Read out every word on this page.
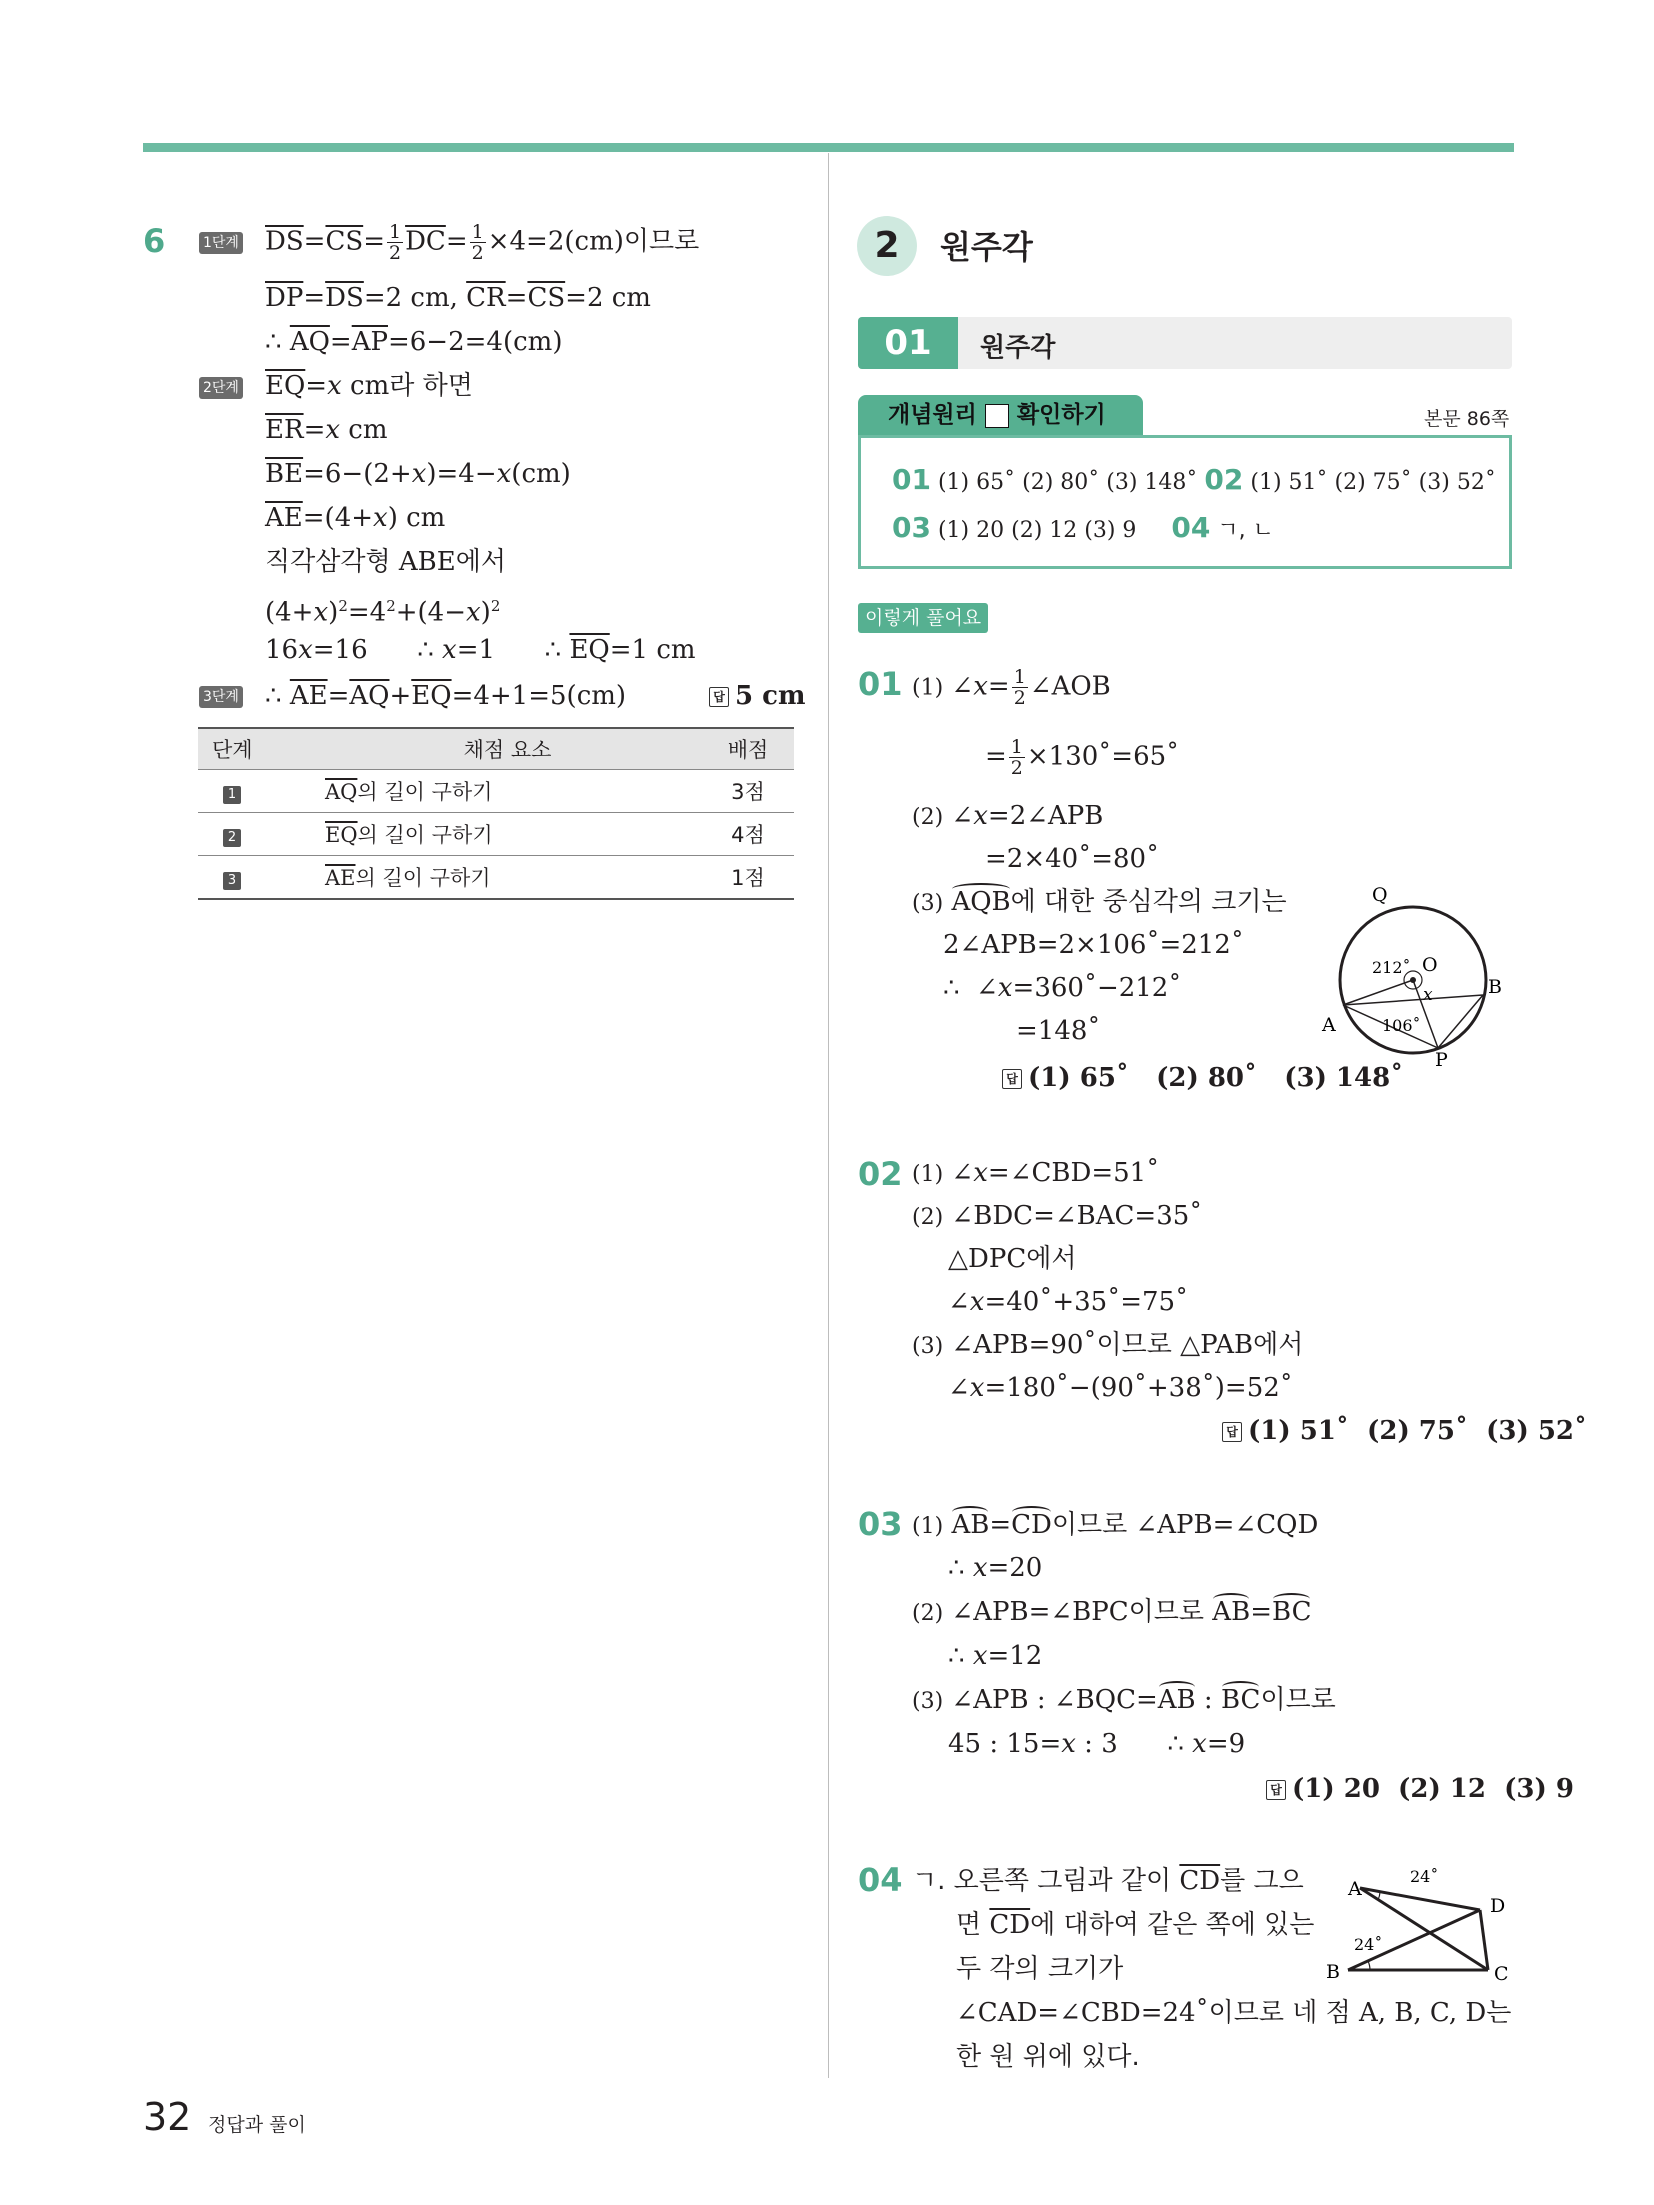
6	1단계 $\overline{DS}=\overline{CS}= \frac{1}{2} \overline{DC}= \frac{1}{2} \times 4=2(cm)$이므로
$\overline{DP}=\overline{DS}=2$ cm, $\overline{CR}=\overline{CS}=2$ cm
∴ $\overline{AQ}=\overline{AP}=6-2=4(cm)$
2단계 $\overline{EQ}=x$ cm라 하면
$\overline{ER}=x$ cm
$\overline{BE}=6-(2+x)=4-x(cm)$
$\overline{AE}=(4+x)$ cm
직각삼각형 ABE에서
$(4+x)^2=4^2+(4-x)^2$
16x=16      ∴ x=1      ∴ $\overline{EQ}=1$ cm
3단계 ∴ $\overline{AE}=\overline{AQ}+\overline{EQ}=4+1=5(cm)$	답 5 cm
단계	채점 요소	배점
1	$\overline{AQ}$의 길이 구하기	3점
2	$\overline{EQ}$의 길이 구하기	4점
3	$\overline{AE}$의 길이 구하기	1점
2	원주각
01	원주각
개념원리 확인하기	본문 86쪽
01 (1) 65˚ (2) 80˚ (3) 148˚ 02 (1) 51˚ (2) 75˚ (3) 52˚
03 (1) 20 (2) 12 (3) 9 04 ㄱ, ㄴ
이렇게 풀어요
01 (1) ∠x= $\frac{1}{2}$ ∠AOB
= $\frac{1}{2}$ ×130˚=65˚
(2) ∠x=2∠APB
=2×40˚=80˚
(3) AQB에 대한 중심각의 크기는
2∠APB=2×106˚=212˚
∴  ∠x=360˚−212˚
=148˚
답 (1) 65˚ (2) 80˚ (3) 148˚
Q
O
B
A
P
x
212˚
106˚
02 (1) ∠x=∠CBD=51˚
(2) ∠BDC=∠BAC=35˚
△DPC에서
∠x=40˚+35˚=75˚
(3) ∠APB=90˚이므로 △PAB에서
∠x=180˚−(90˚+38˚)=52˚
답 (1) 51˚ (2) 75˚ (3) 52˚
03 (1) AB=CD이므로 ∠APB=∠CQD
∴ x=20
(2) ∠APB=∠BPC이므로 AB=BC
∴ x=12
(3) ∠APB : ∠BQC=AB : BC이므로
45 : 15=x : 3      ∴ x=9
답 (1) 20 (2) 12 (3) 9
04 ㄱ. 오른쪽 그림과 같이 $\overline{CD}$를 그으
면 $\overline{CD}$에 대하여 같은 쪽에 있는
두 각의 크기가
∠CAD=∠CBD=24˚이므로 네 점 A, B, C, D는
한 원 위에 있다.
A
D
B	C
24˚
24˚
32 정답과 풀이
